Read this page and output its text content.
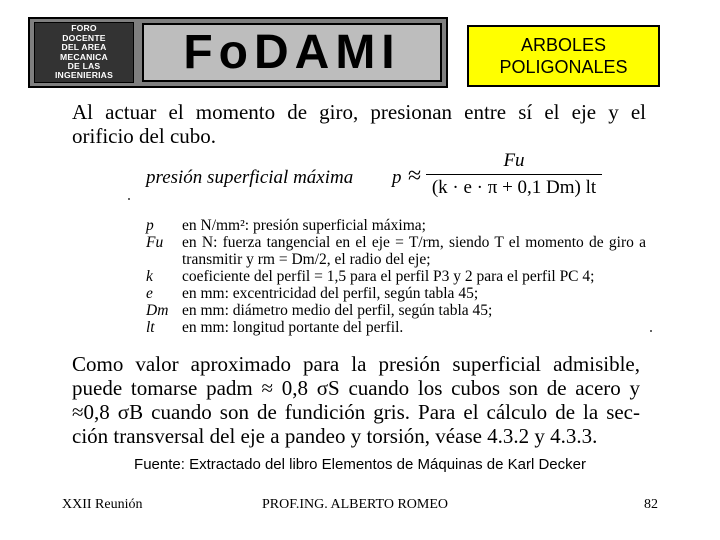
FORO
DOCENTE
DEL AREA
MECANICA
DE LAS
INGENIERIAS FoDAMI	ARBOLES
POLIGONALES
Al actuar el momento de giro, presionan entre sí el eje y el
orificio del cubo.
presión superficial máxima p ≈
Fu
(k · e · π + 0,1 Dm) lt
p	en N/mm²: presión superficial máxima;
Fu	en N: fuerza tangencial en el eje = T/rm, siendo T el momento de giro a transmitir y rm = Dm/2, el radio del eje;
k	coeficiente del perfil = 1,5 para el perfil P3 y 2 para el perfil PC 4;
e	en mm: excentricidad del perfil, según tabla 45;
Dm	en mm: diámetro medio del perfil, según tabla 45;
lt	en mm: longitud portante del perfil.
Como valor aproximado para la presión superficial admisible,
puede tomarse padm ≈ 0,8 σS cuando los cubos son de acero y
≈0,8 σB cuando son de fundición gris. Para el cálculo de la sec-
ción transversal del eje a pandeo y torsión, véase 4.3.2 y 4.3.3.
Fuente: Extractado del libro Elementos de Máquinas de Karl Decker
XXII Reunión	PROF.ING. ALBERTO ROMEO	82
